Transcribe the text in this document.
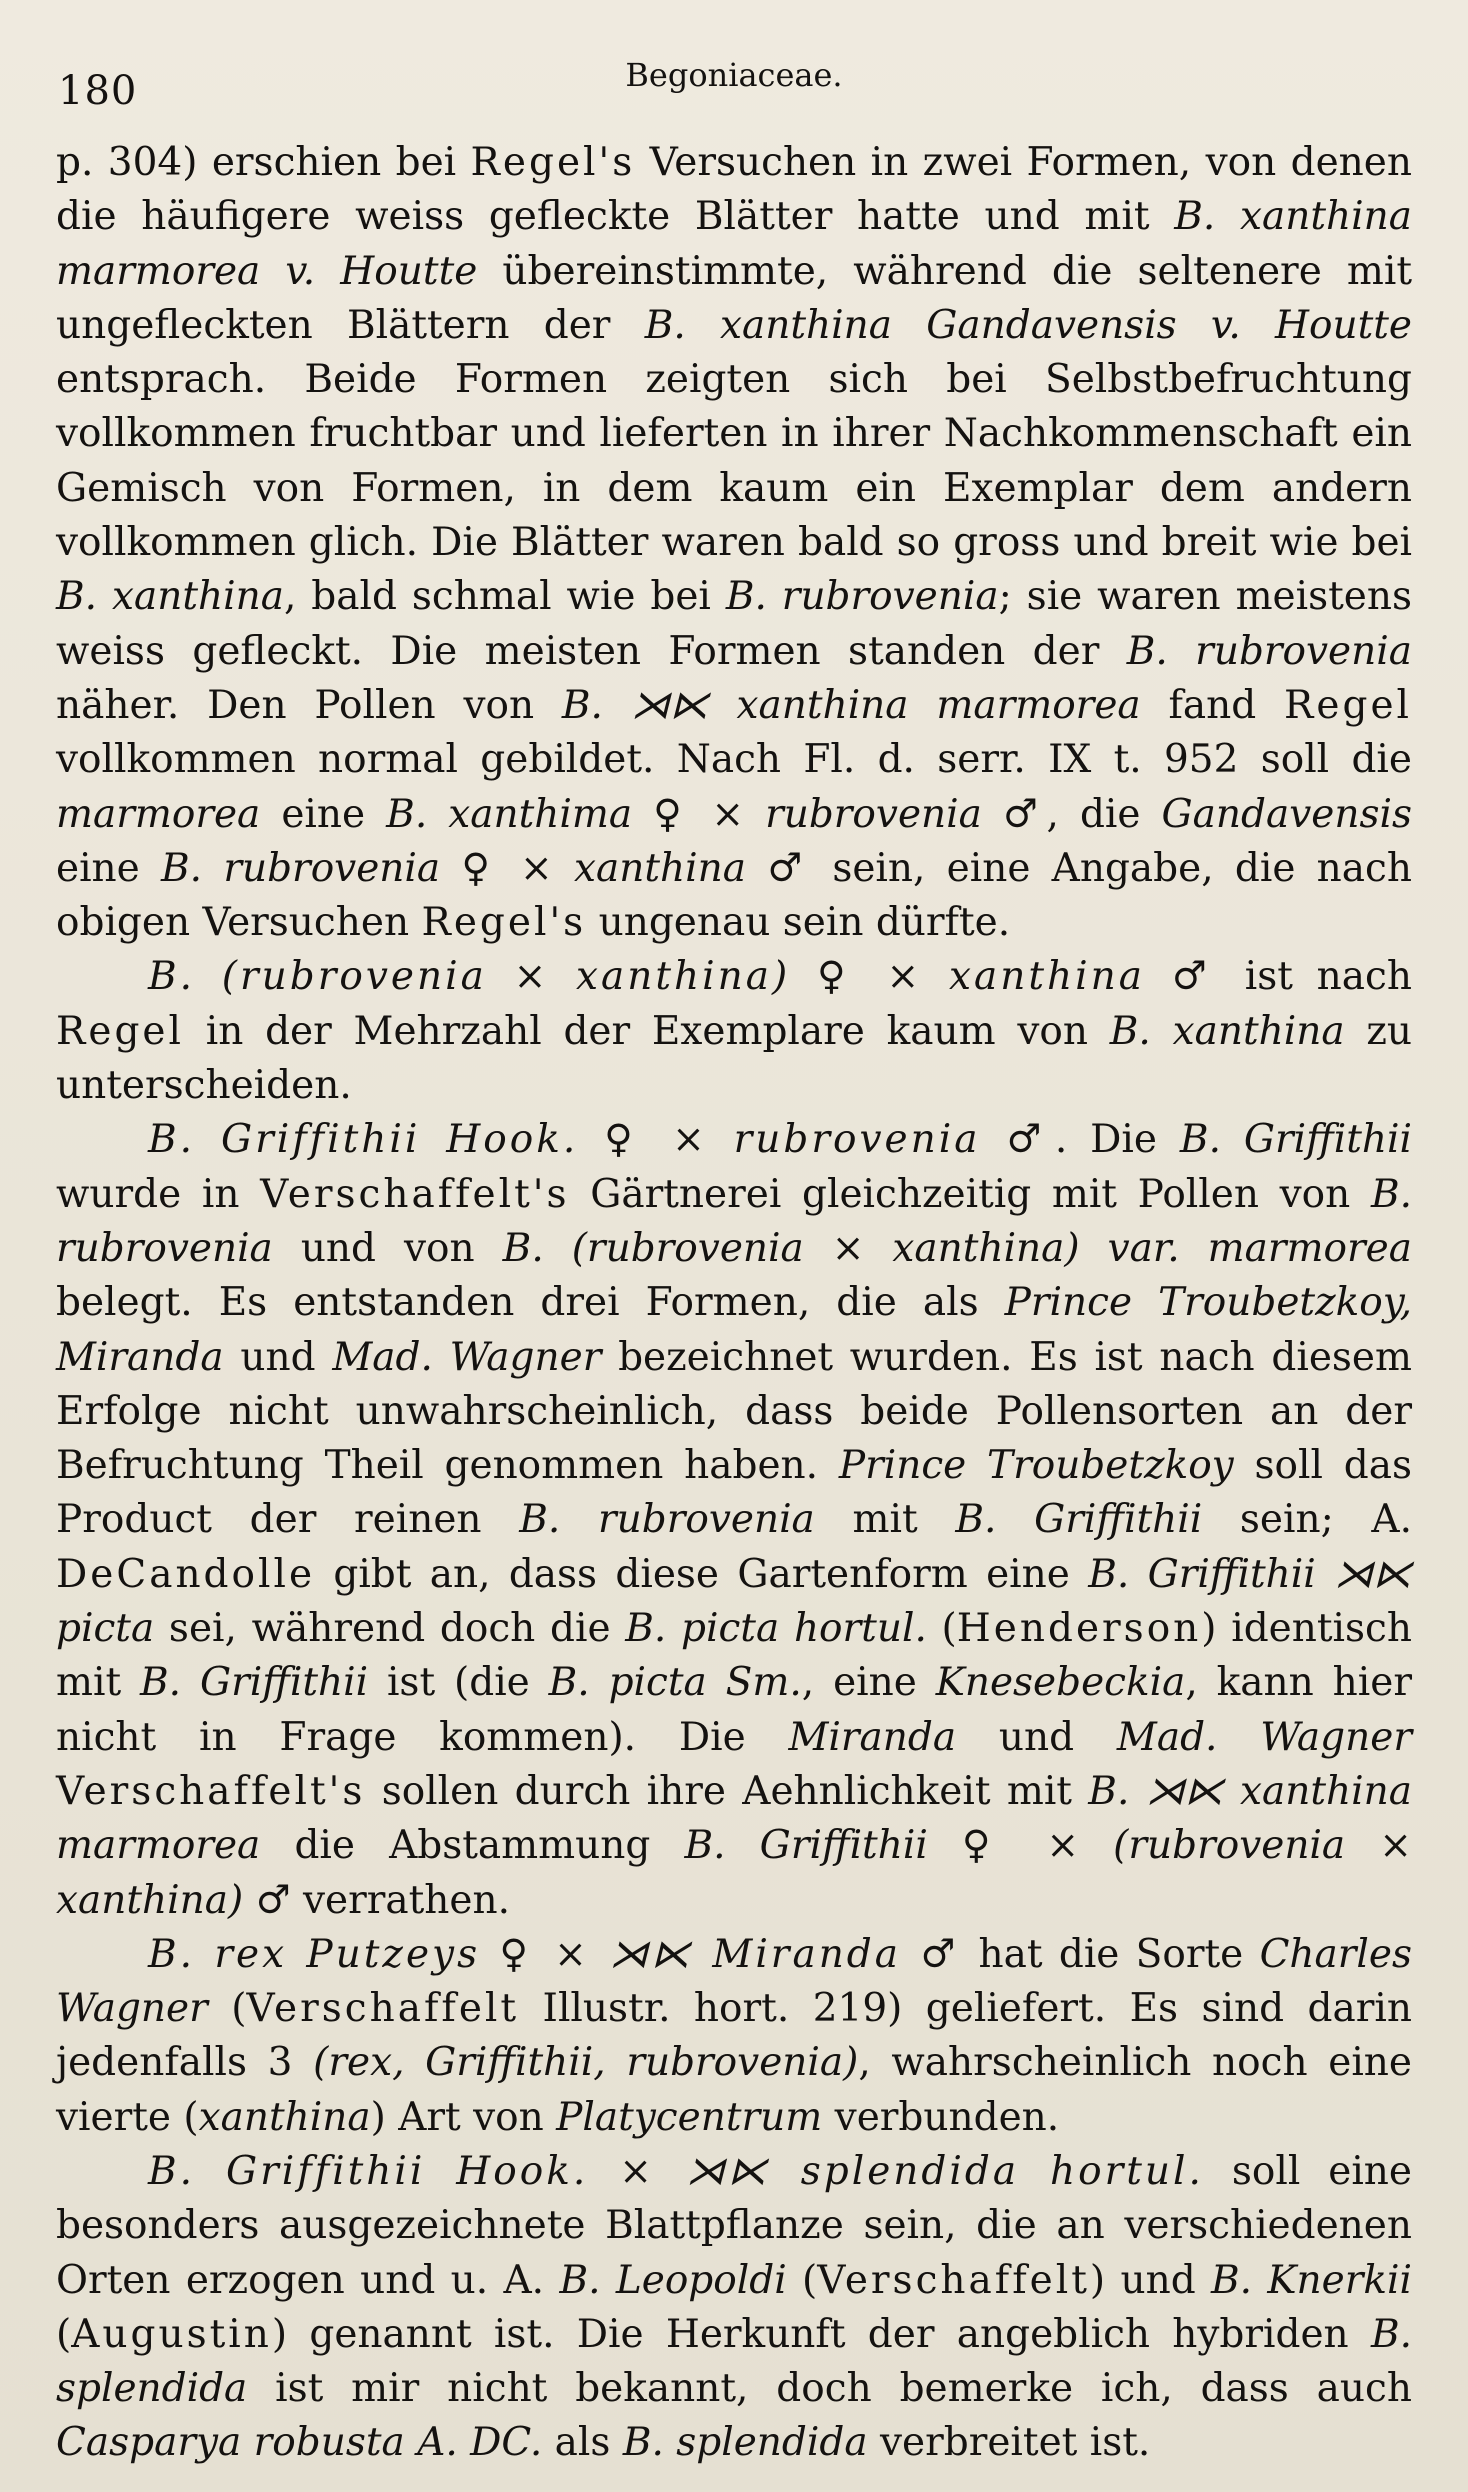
180	Begoniaceae.

p. 304) erschien bei Regel's Versuchen in zwei Formen, von denen die häufigere weiss gefleckte Blätter hatte und mit B. xanthina marmorea v. Houtte übereinstimmte, während die seltenere mit ungefleckten Blättern der B. xanthina Gandavensis v. Houtte entsprach. Beide Formen zeigten sich bei Selbstbefruchtung vollkommen fruchtbar und lieferten in ihrer Nachkommenschaft ein Gemisch von Formen, in dem kaum ein Exemplar dem andern vollkommen glich. Die Blätter waren bald so gross und breit wie bei B. xanthina, bald schmal wie bei B. rubrovenia; sie waren meistens weiss gefleckt. Die meisten Formen standen der B. rubrovenia näher. Den Pollen von B. ⋊⋉ xanthina marmorea fand Regel vollkommen normal gebildet. Nach Fl. d. serr. IX t. 952 soll die marmorea eine B. xanthima ♀ × rubrovenia ♂, die Gandavensis eine B. rubrovenia ♀ × xanthina ♂ sein, eine Angabe, die nach obigen Versuchen Regel's ungenau sein dürfte.

B. (rubrovenia × xanthina) ♀ × xanthina ♂ ist nach Regel in der Mehrzahl der Exemplare kaum von B. xanthina zu unterscheiden.

B. Griffithii Hook. ♀ × rubrovenia ♂. Die B. Griffithii wurde in Verschaffelt's Gärtnerei gleichzeitig mit Pollen von B. rubrovenia und von B. (rubrovenia × xanthina) var. marmorea belegt. Es entstanden drei Formen, die als Prince Troubetzkoy, Miranda und Mad. Wagner bezeichnet wurden. Es ist nach diesem Erfolge nicht unwahrscheinlich, dass beide Pollensorten an der Befruchtung Theil genommen haben. Prince Troubetzkoy soll das Product der reinen B. rubrovenia mit B. Griffithii sein; A. DeCandolle gibt an, dass diese Gartenform eine B. Griffithii ⋊⋉ picta sei, während doch die B. picta hortul. (Henderson) identisch mit B. Griffithii ist (die B. picta Sm., eine Knesebeckia, kann hier nicht in Frage kommen). Die Miranda und Mad. Wagner Verschaffelt's sollen durch ihre Aehnlichkeit mit B. ⋊⋉ xanthina marmorea die Abstammung B. Griffithii ♀ × (rubrovenia × xanthina) ♂ verrathen.

B. rex Putzeys ♀ × ⋊⋉ Miranda ♂ hat die Sorte Charles Wagner (Verschaffelt Illustr. hort. 219) geliefert. Es sind darin jedenfalls 3 (rex, Griffithii, rubrovenia), wahrscheinlich noch eine vierte (xanthina) Art von Platycentrum verbunden.

B. Griffithii Hook. × ⋊⋉ splendida hortul. soll eine besonders ausgezeichnete Blattpflanze sein, die an verschiedenen Orten erzogen und u. A. B. Leopoldi (Verschaffelt) und B. Knerkii (Augustin) genannt ist. Die Herkunft der angeblich hybriden B. splendida ist mir nicht bekannt, doch bemerke ich, dass auch Casparya robusta A. DC. als B. splendida verbreitet ist.
